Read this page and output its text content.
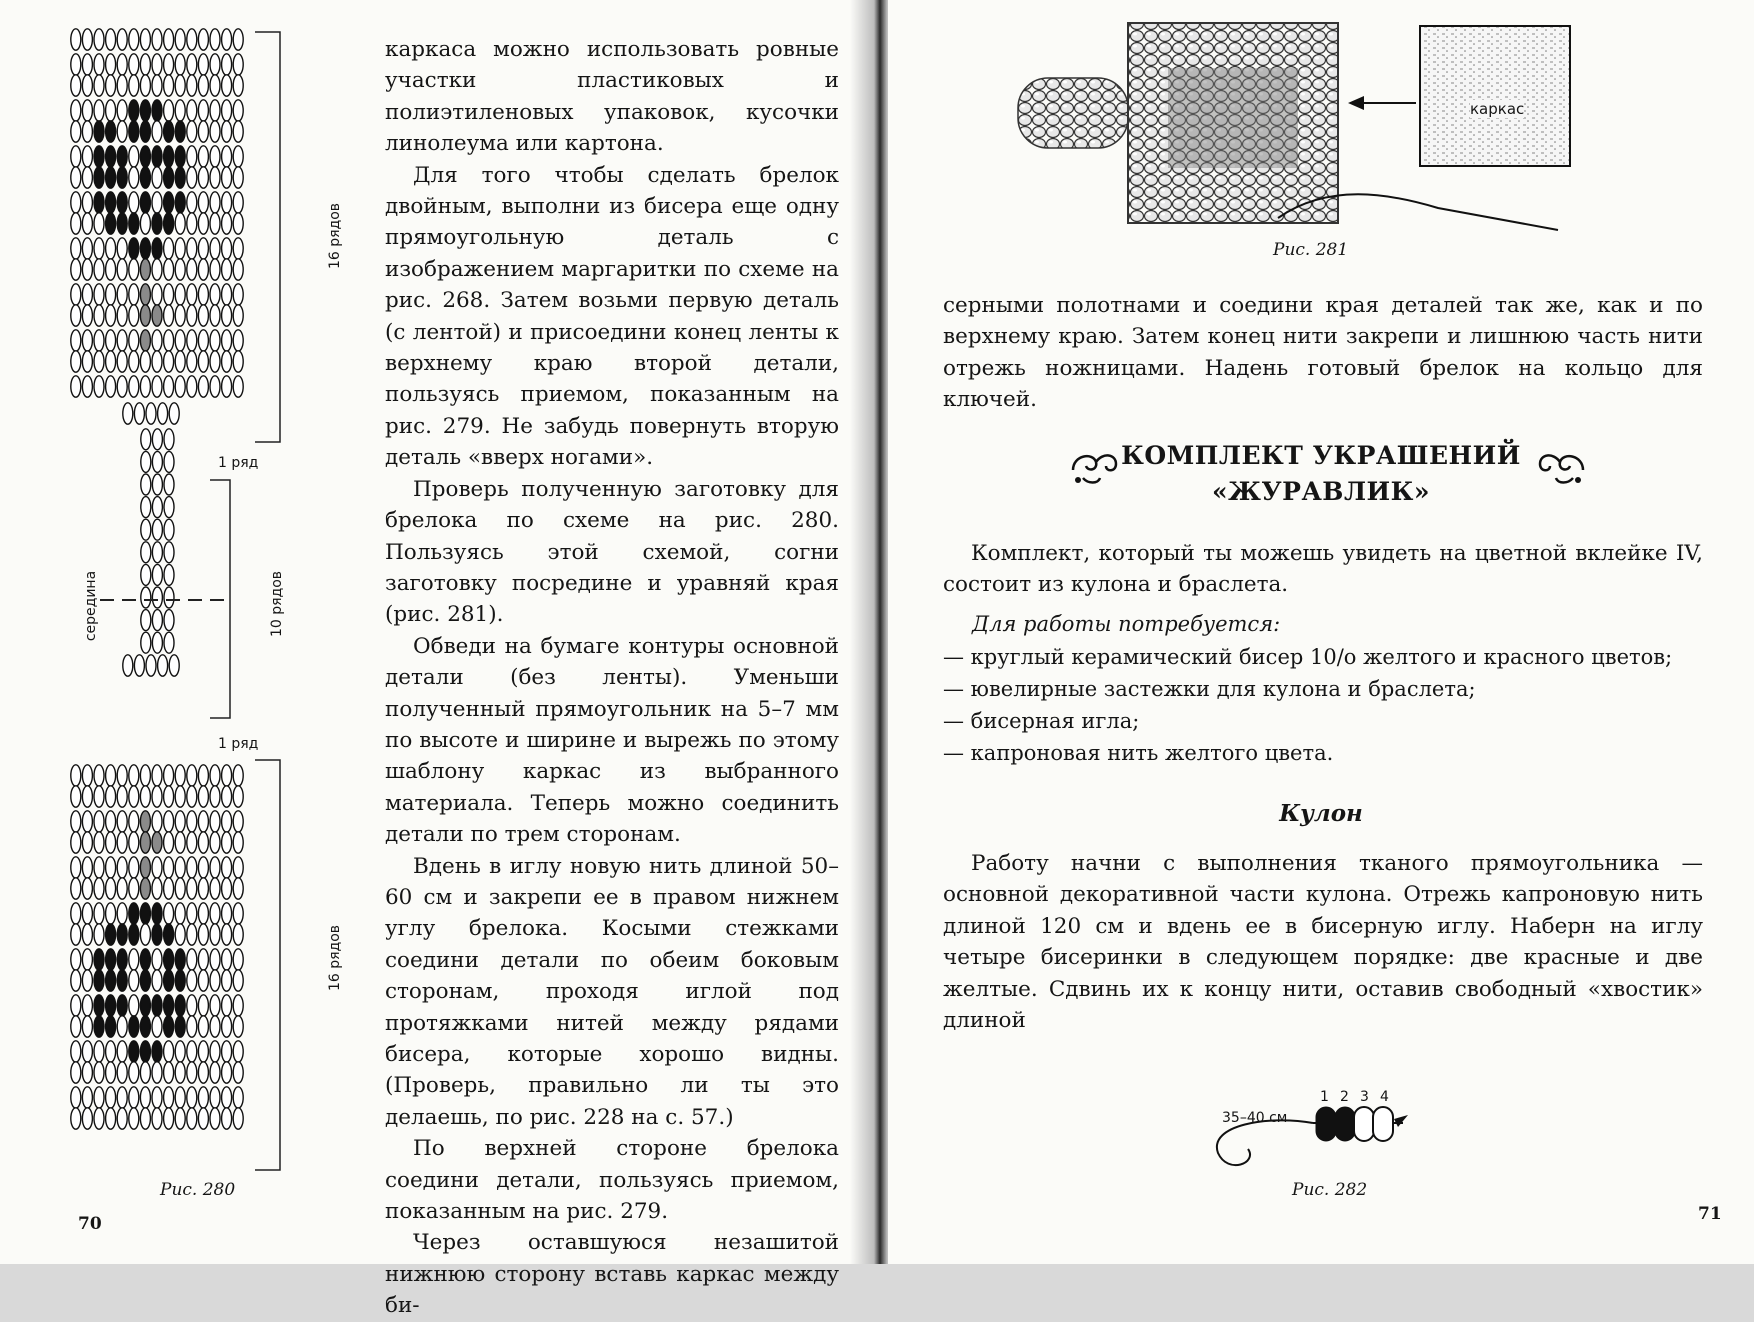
16 рядов
1 ряд
10 рядов
середина
1 ряд
16 рядов
Рис. 280

каркаса можно использовать ровные участки пластиковых и полиэтиленовых упаковок, кусочки линолеума или картона.

Для того чтобы сделать брелок двойным, выполни из бисера еще одну прямоугольную деталь с изображением маргаритки по схеме на рис. 268. Затем возьми первую деталь (с лентой) и присоедини конец ленты к верхнему краю второй детали, пользуясь приемом, показанным на рис. 279. Не забудь повернуть вторую деталь «вверх ногами».

Проверь полученную заготовку для брелока по схеме на рис. 280. Пользуясь этой схемой, согни заготовку посредине и уравняй края (рис. 281).

Обведи на бумаге контуры основной детали (без ленты). Уменьши полученный прямоугольник на 5–7 мм по высоте и ширине и вырежь по этому шаблону каркас из выбранного материала. Теперь можно соединить детали по трем сторонам.

Вдень в иглу новую нить длиной 50–60 см и закрепи ее в правом нижнем углу брелока. Косыми стежками соедини детали по обеим боковым сторонам, проходя иглой под протяжками нитей между рядами бисера, которые хорошо видны. (Проверь, правильно ли ты это делаешь, по рис. 228 на с. 57.)

По верхней стороне брелока соедини детали, пользуясь приемом, показанным на рис. 279.

Через оставшуюся незашитой нижнюю сторону вставь каркас между би-

70
каркас
Рис. 281

серными полотнами и соедини края деталей так же, как и по верхнему краю. Затем конец нити закрепи и лишнюю часть нити отрежь ножницами. Надень готовый брелок на кольцо для ключей.

КОМПЛЕКТ УКРАШЕНИЙ
«ЖУРАВЛИК»

Комплект, который ты можешь увидеть на цветной вклейке IV, состоит из кулона и браслета.

Для работы потребуется:
— круглый керамический бисер 10/о желтого и красного цветов;
— ювелирные застежки для кулона и браслета;
— бисерная игла;
— капроновая нить желтого цвета.
Кулон

Работу начни с выполнения тканого прямоугольника — основной декоративной части кулона. Отрежь капроновую нить длиной 120 см и вдень ее в бисерную иглу. Наберн на иглу четыре бисеринки в следующем порядке: две красные и две желтые. Сдвинь их к концу нити, оставив свободный «хвостик» длиной

35–40 см
1 2 3 4
Рис. 282
71
